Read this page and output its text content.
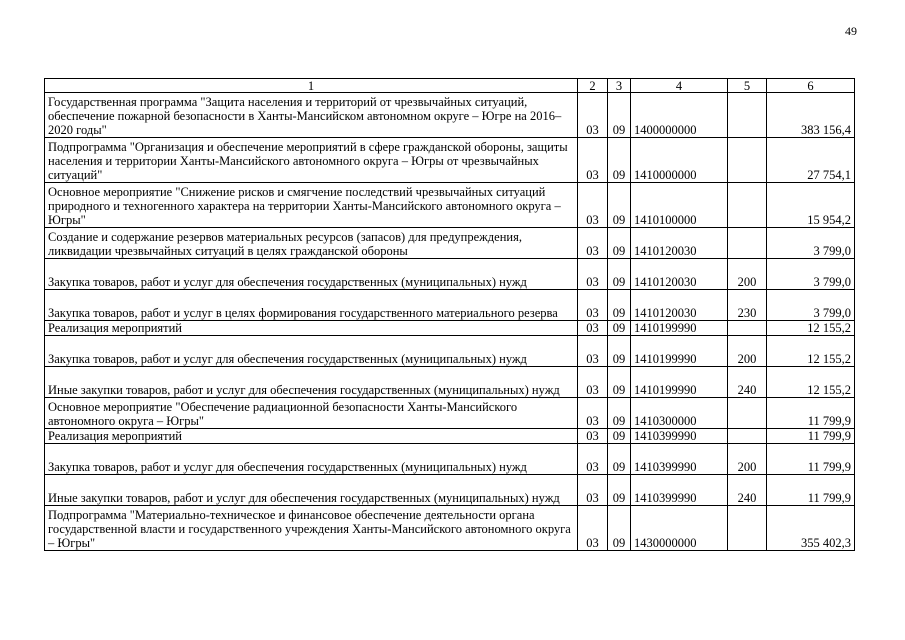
49
1	2	3	4	5	6
Государственная программа "Защита населения и территорий от чрезвычайных ситуаций, обеспечение пожарной безопасности в Ханты-Мансийском автономном округе – Югре на 2016–2020 годы"	03	09	1400000000		383 156,4
Подпрограмма "Организация и обеспечение мероприятий в сфере гражданской обороны, защиты населения и территории Ханты-Мансийского автономного округа – Югры от чрезвычайных ситуаций"	03	09	1410000000		27 754,1
Основное мероприятие "Снижение рисков и смягчение последствий чрезвычайных ситуаций природного и техногенного характера на территории Ханты-Мансийского автономного округа – Югры"	03	09	1410100000		15 954,2
Создание и содержание резервов материальных ресурсов (запасов) для предупреждения, ликвидации чрезвычайных ситуаций в целях гражданской обороны	03	09	1410120030		3 799,0
Закупка товаров, работ и услуг для обеспечения государственных (муниципальных) нужд	03	09	1410120030	200	3 799,0
Закупка товаров, работ и услуг в целях формирования государственного материального резерва	03	09	1410120030	230	3 799,0
Реализация мероприятий	03	09	1410199990		12 155,2
Закупка товаров, работ и услуг для обеспечения государственных (муниципальных) нужд	03	09	1410199990	200	12 155,2
Иные закупки товаров, работ и услуг для обеспечения государственных (муниципальных) нужд	03	09	1410199990	240	12 155,2
Основное мероприятие "Обеспечение радиационной безопасности Ханты-Мансийского автономного округа – Югры"	03	09	1410300000		11 799,9
Реализация мероприятий	03	09	1410399990		11 799,9
Закупка товаров, работ и услуг для обеспечения государственных (муниципальных) нужд	03	09	1410399990	200	11 799,9
Иные закупки товаров, работ и услуг для обеспечения государственных (муниципальных) нужд	03	09	1410399990	240	11 799,9
Подпрограмма "Материально-техническое и финансовое обеспечение деятельности органа государственной власти и государственного учреждения Ханты-Мансийского автономного округа – Югры"	03	09	1430000000		355 402,3
